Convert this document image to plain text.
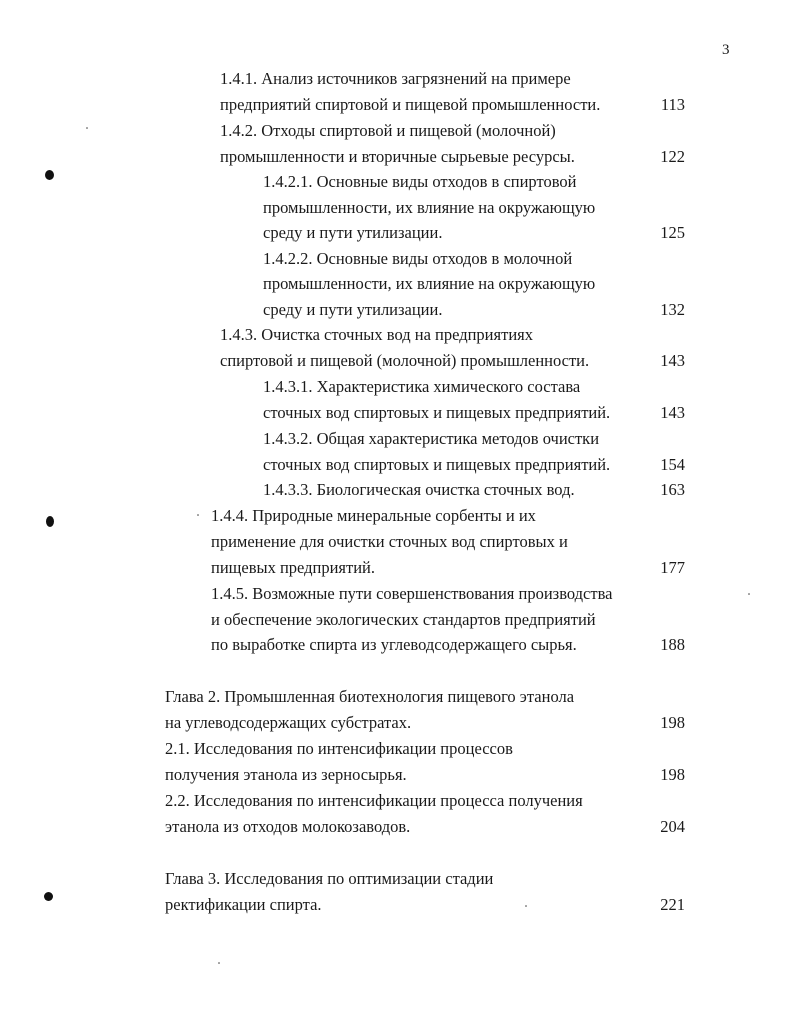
3
1.4.1. Анализ источников загрязнений на примере
предприятий спиртовой и пищевой промышленности.	113
1.4.2. Отходы спиртовой и пищевой (молочной)
промышленности и вторичные сырьевые ресурсы.	122
1.4.2.1. Основные виды отходов в спиртовой
промышленности, их влияние на окружающую
среду и пути утилизации.	125
1.4.2.2. Основные виды отходов в молочной
промышленности, их влияние на окружающую
среду и пути утилизации.	132
1.4.3. Очистка сточных вод на предприятиях
спиртовой и пищевой (молочной) промышленности.	143
1.4.3.1. Характеристика химического состава
сточных вод спиртовых и пищевых предприятий.	143
1.4.3.2. Общая характеристика методов очистки
сточных вод спиртовых и пищевых предприятий.	154
1.4.3.3. Биологическая очистка сточных вод.	163
1.4.4. Природные минеральные сорбенты и их
применение для очистки сточных вод спиртовых и
пищевых предприятий.	177
1.4.5. Возможные пути совершенствования производства
и обеспечение экологических стандартов предприятий
по выработке спирта из углеводсодержащего сырья.	188
Глава 2. Промышленная биотехнология пищевого этанола
на углеводсодержащих субстратах.	198
2.1. Исследования по интенсификации процессов
получения этанола из зерносырья.	198
2.2. Исследования по интенсификации процесса получения
этанола из отходов молокозаводов.	204
Глава 3. Исследования по оптимизации стадии
ректификации спирта.	221
